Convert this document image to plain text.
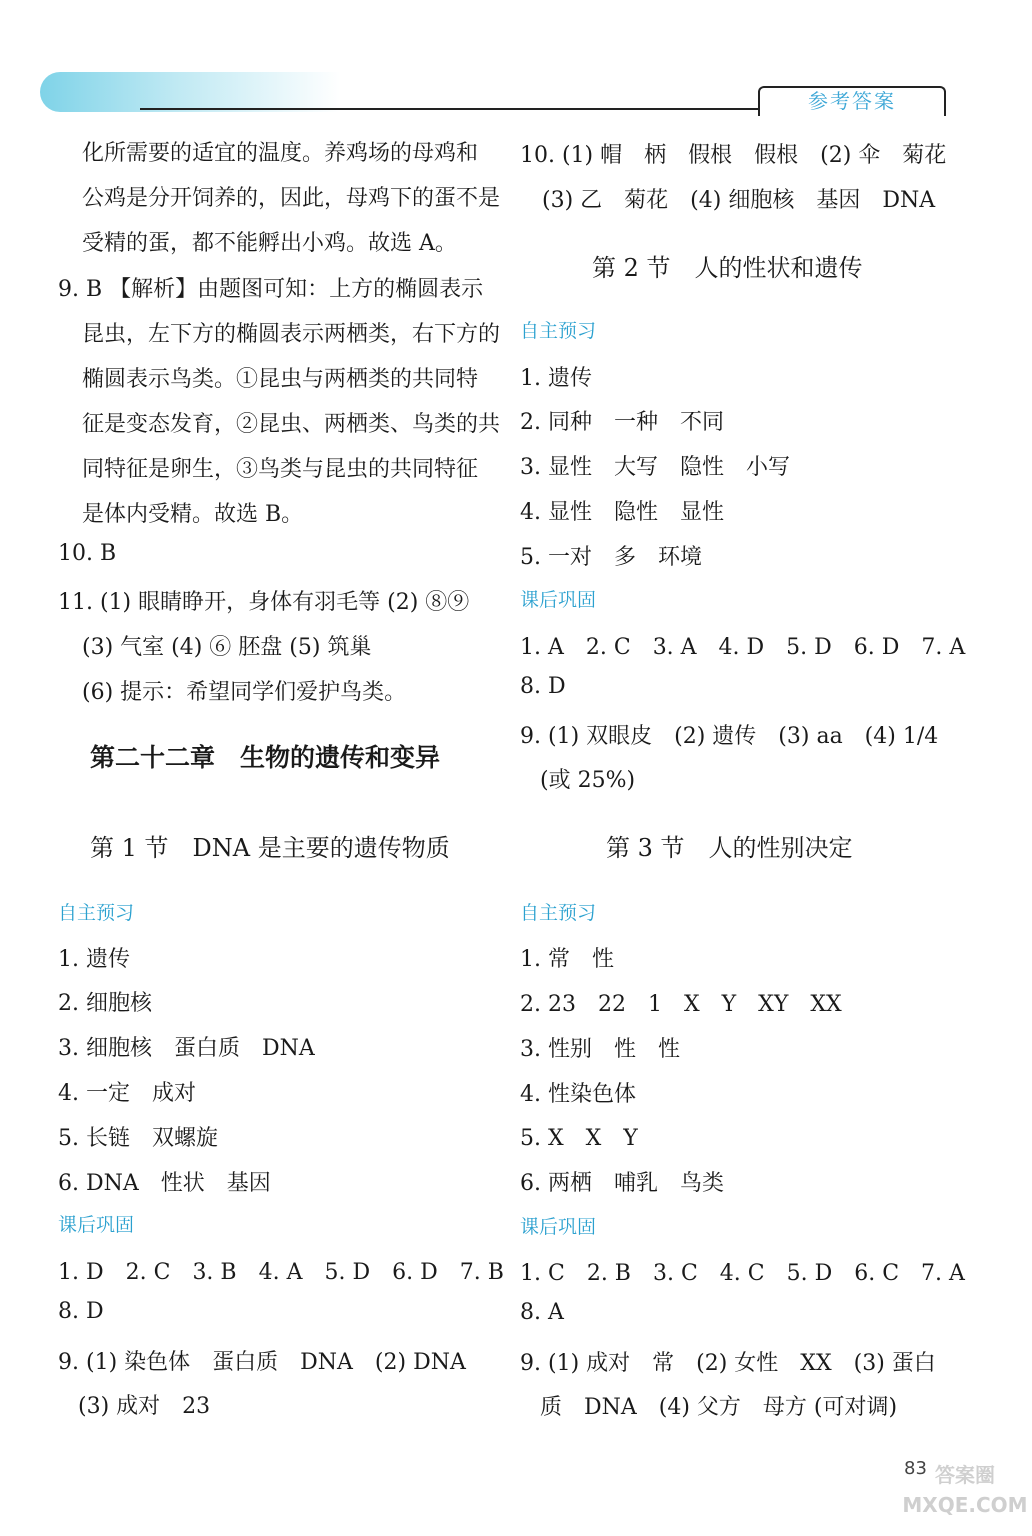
参考答案
化所需要的适宜的温度。养鸡场的母鸡和
公鸡是分开饲养的，因此，母鸡下的蛋不是
受精的蛋，都不能孵出小鸡。故选 A。
9. B 【解析】由题图可知：上方的椭圆表示
昆虫，左下方的椭圆表示两栖类，右下方的
椭圆表示鸟类。①昆虫与两栖类的共同特
征是变态发育，②昆虫、两栖类、鸟类的共
同特征是卵生，③鸟类与昆虫的共同特征
是体内受精。故选 B。
10. B
11. (1) 眼睛睁开，身体有羽毛等 (2) ⑧⑨
(3) 气室 (4) ⑥ 胚盘 (5) 筑巢
(6) 提示：希望同学们爱护鸟类。
第二十二章　生物的遗传和变异
第 1 节　DNA 是主要的遗传物质
自主预习
1. 遗传
2. 细胞核
3. 细胞核　蛋白质　DNA
4. 一定　成对
5. 长链　双螺旋
6. DNA　性状　基因
课后巩固
1. D　2. C　3. B　4. A　5. D　6. D　7. B
8. D
9. (1) 染色体　蛋白质　DNA　(2) DNA
(3) 成对　23
10. (1) 帽　柄　假根　假根　(2) 伞　菊花
(3) 乙　菊花　(4) 细胞核　基因　DNA
第 2 节　人的性状和遗传
自主预习
1. 遗传
2. 同种　一种　不同
3. 显性　大写　隐性　小写
4. 显性　隐性　显性
5. 一对　多　环境
课后巩固
1. A　2. C　3. A　4. D　5. D　6. D　7. A
8. D
9. (1) 双眼皮　(2) 遗传　(3) aa　(4) 1/4
(或 25%)
第 3 节　人的性别决定
自主预习
1. 常　性
2. 23　22　1　X　Y　XY　XX
3. 性别　性　性
4. 性染色体
5. X　X　Y
6. 两栖　哺乳　鸟类
课后巩固
1. C　2. B　3. C　4. C　5. D　6. C　7. A
8. A
9. (1) 成对　常　(2) 女性　XX　(3) 蛋白
质　DNA　(4) 父方　母方 (可对调)
83 答案圈 MXQE.COM
